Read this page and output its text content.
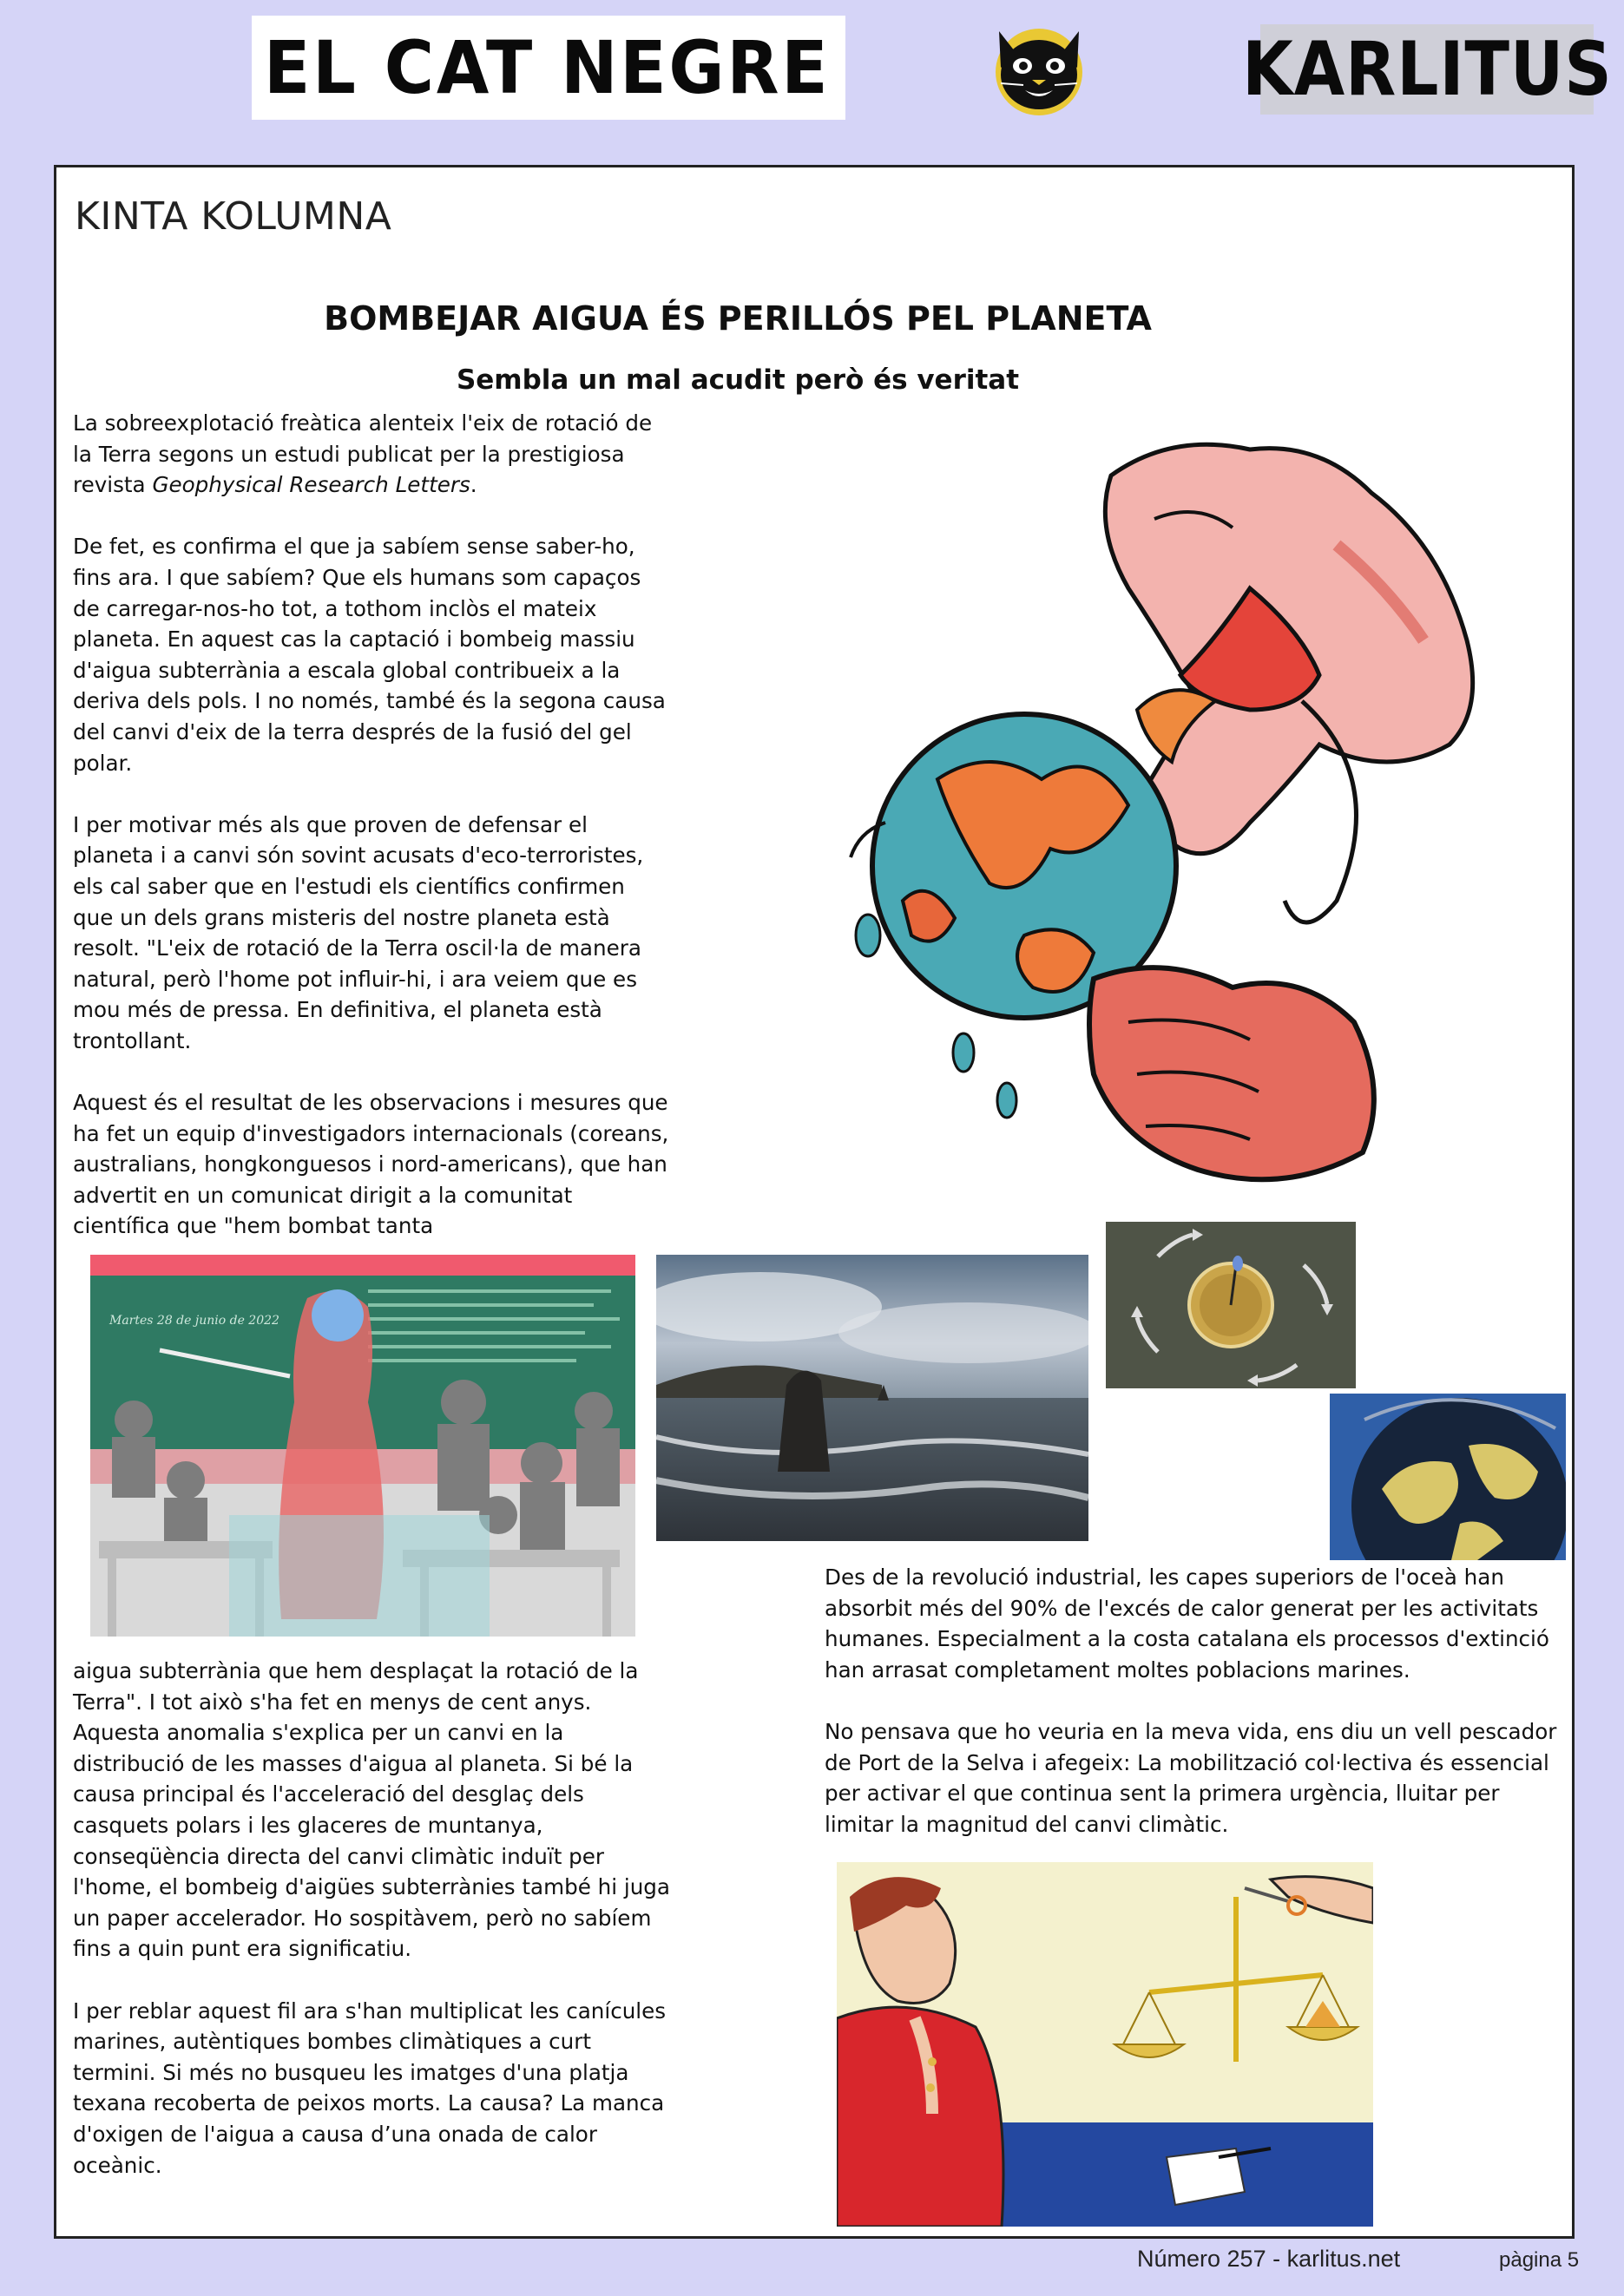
EL CAT NEGRE	KARLITUS
KINTA KOLUMNA
BOMBEJAR AIGUA ÉS PERILLÓS PEL PLANETA
Sembla un mal acudit però és veritat

La sobreexplotació freàtica alenteix l'eix de rotació de la Terra segons un estudi publicat per la prestigiosa revista Geophysical Research Letters.

De fet, es confirma el que ja sabíem sense saber-ho, fins ara. I que sabíem? Que els humans som capaços de carregar-nos-ho tot, a tothom inclòs el mateix planeta. En aquest cas la captació i bombeig massiu d'aigua subterrània a escala global contribueix a la deriva dels pols. I no només, també és la segona causa del canvi d'eix de la terra després de la fusió del gel polar.

I per motivar més als que proven de defensar el planeta i a canvi són sovint acusats d'eco-terroristes, els cal saber que en l'estudi els científics confirmen que un dels grans misteris del nostre planeta està resolt. "L'eix de rotació de la Terra oscil·la de manera natural, però l'home pot influir-hi, i ara veiem que es mou més de pressa. En definitiva, el planeta està trontollant.

Aquest és el resultat de les observacions i mesures que ha fet un equip d'investigadors internacionals (coreans, australians, hongkonguesos i nord-americans), que han advertit en un comunicat dirigit a la comunitat científica que "hem bombat tanta

aigua subterrània que hem desplaçat la rotació de la Terra". I tot això s'ha fet en menys de cent anys. Aquesta anomalia s'explica per un canvi en la distribució de les masses d'aigua al planeta. Si bé la causa principal és l'acceleració del desglaç dels casquets polars i les glaceres de muntanya, conseqüència directa del canvi climàtic induït per l'home, el bombeig d'aigües subterrànies també hi juga un paper accelerador. Ho sospitàvem, però no sabíem fins a quin punt era significatiu.

I per reblar aquest fil ara s'han multiplicat les canícules marines, autèntiques bombes climàtiques a curt termini. Si més no busqueu les imatges d'una platja texana recoberta de peixos morts. La causa? La manca d'oxigen de l'aigua a causa d’una onada de calor oceànic.

Des de la revolució industrial, les capes superiors de l'oceà han absorbit més del 90% de l'excés de calor generat per les activitats humanes. Especialment a la costa catalana els processos d'extinció han arrasat completament moltes poblacions marines.

No pensava que ho veuria en la meva vida, ens diu un vell pescador de Port de la Selva i afegeix: La mobilització col·lectiva és essencial per activar el que continua sent la primera urgència, lluitar per limitar la magnitud del canvi climàtic.

Martes 28 de junio de 2022
Número 257 - karlitus.net	pàgina 5
